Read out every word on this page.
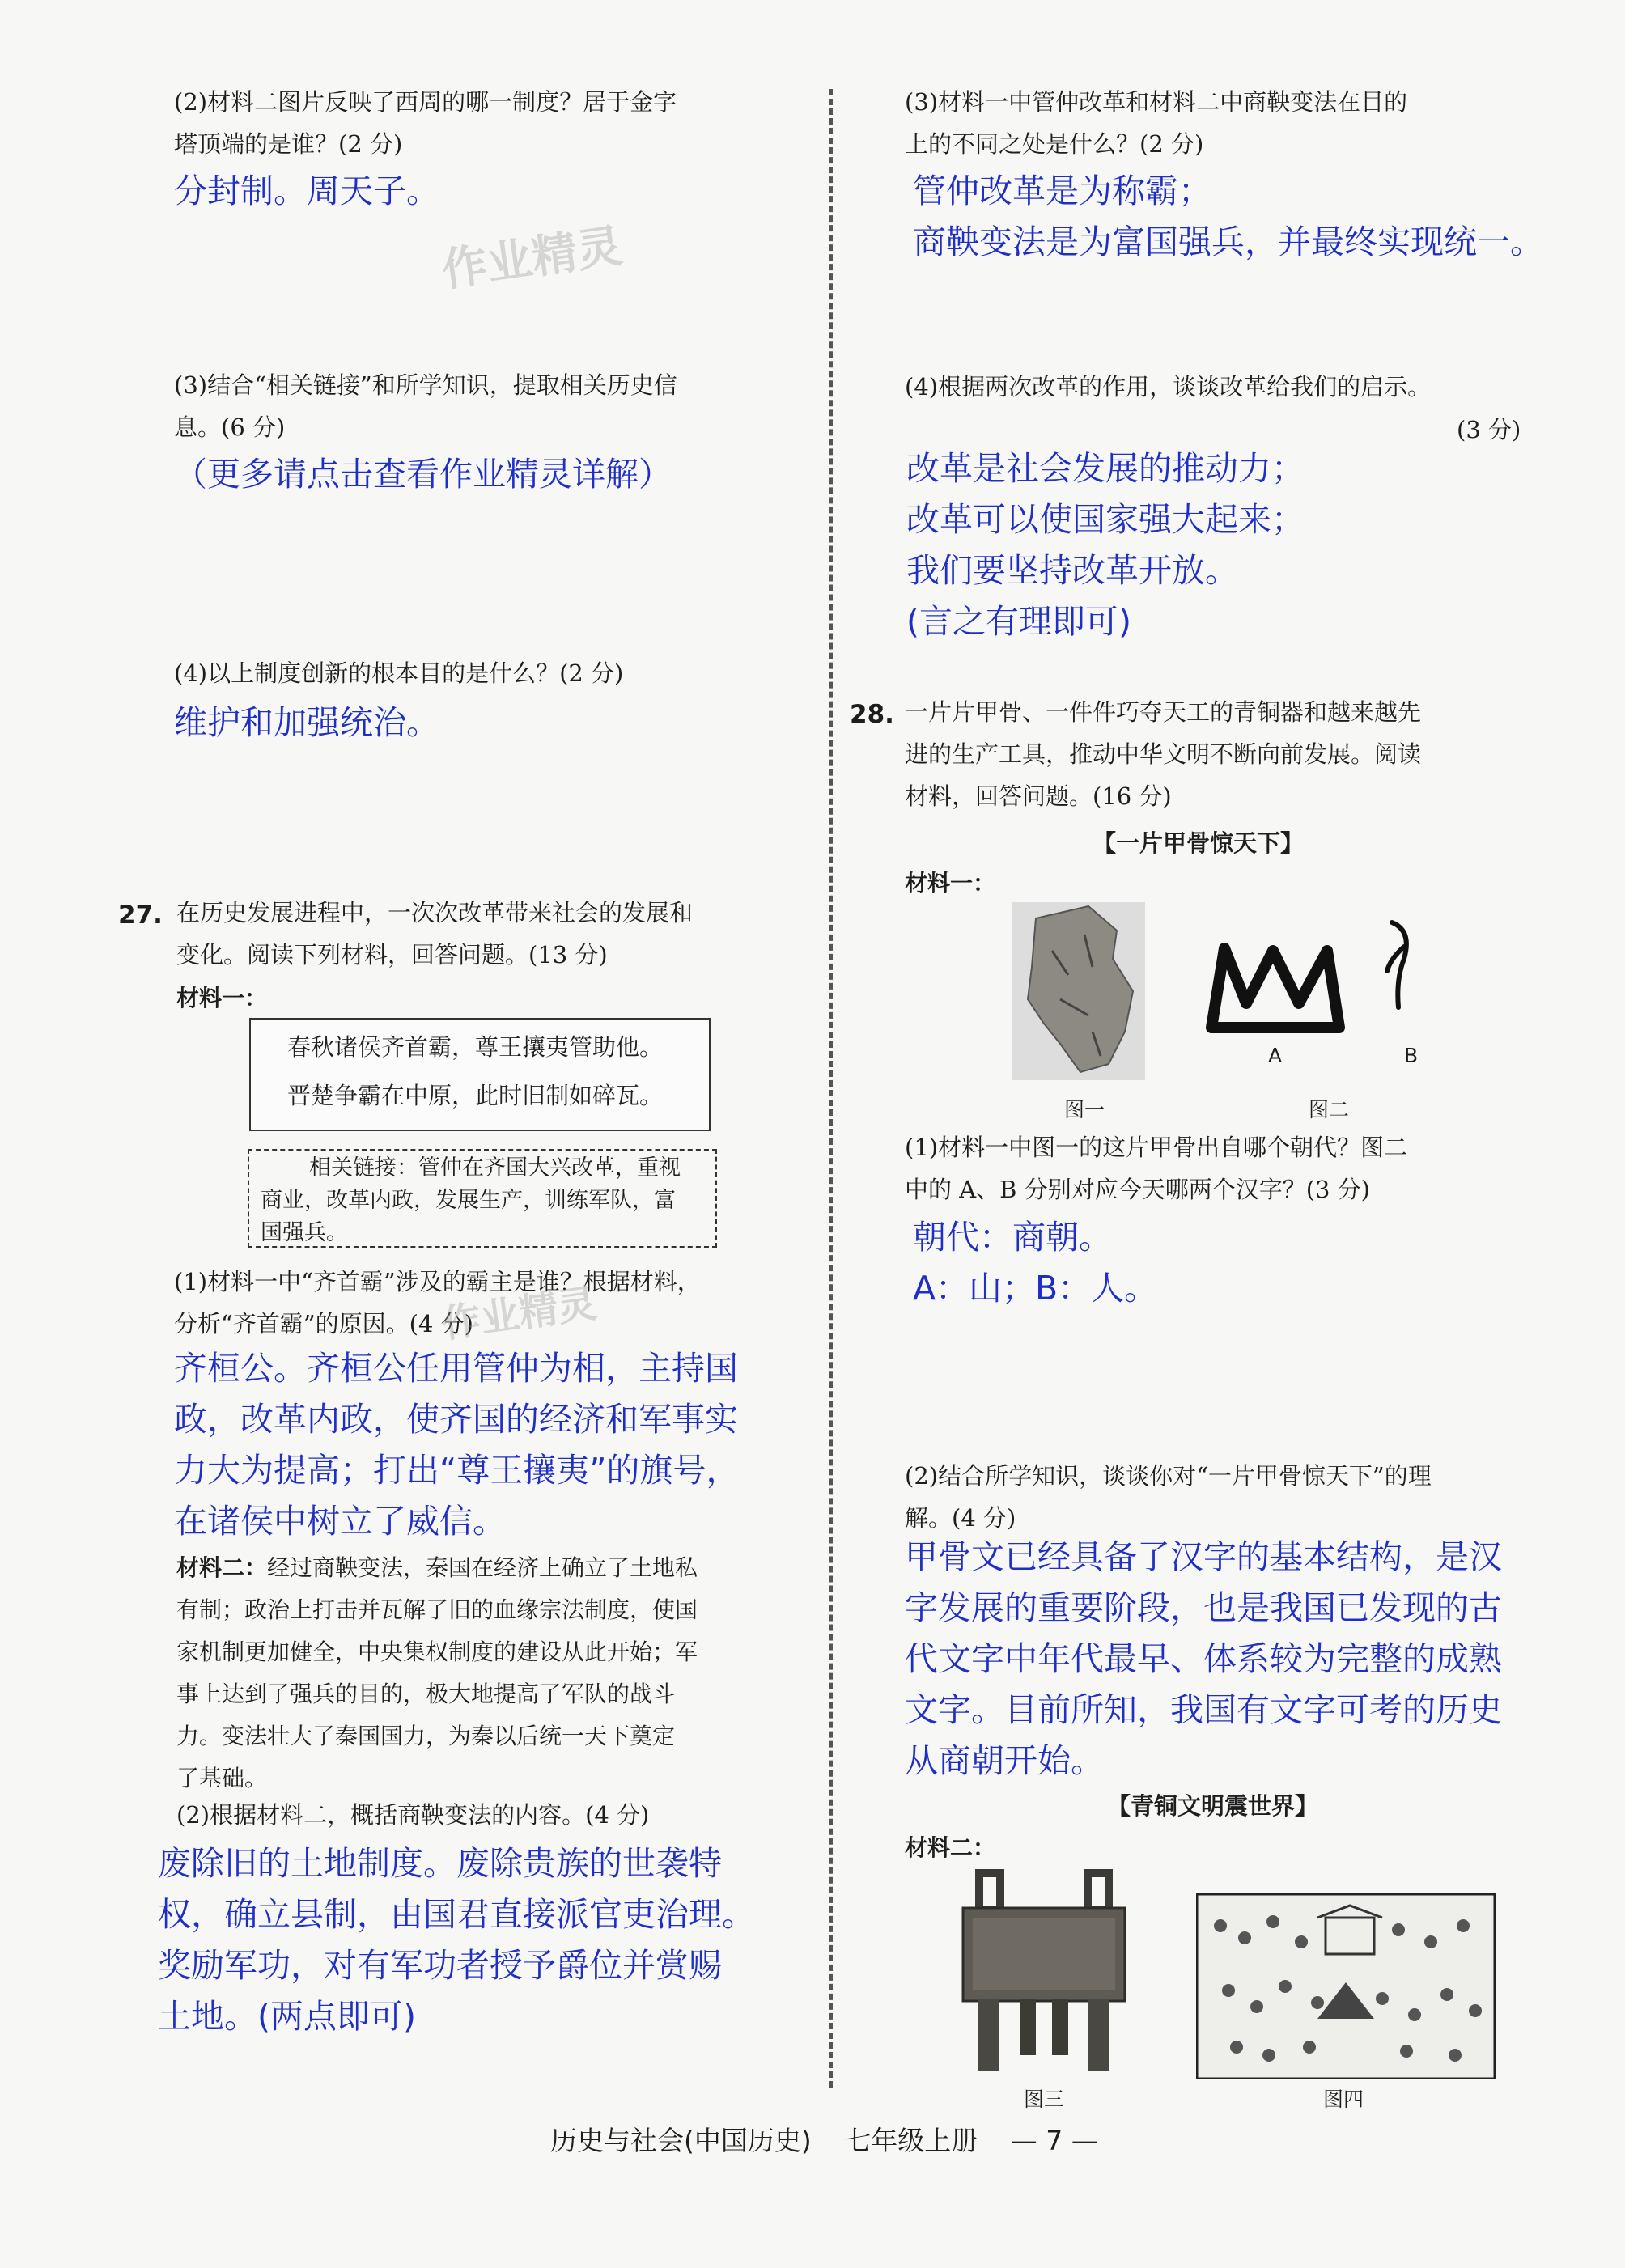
(2)材料二图片反映了西周的哪一制度？居于金字
塔顶端的是谁？(2 分)
分封制。周天子。
作业精灵
(3)结合“相关链接”和所学知识，提取相关历史信
息。(6 分)
（更多请点击查看作业精灵详解）
(4)以上制度创新的根本目的是什么？(2 分)
维护和加强统治。
27. 在历史发展进程中，一次次改革带来社会的发展和
变化。阅读下列材料，回答问题。(13 分)
材料一：
春秋诸侯齐首霸，尊王攘夷管助他。
晋楚争霸在中原，此时旧制如碎瓦。
相关链接：管仲在齐国大兴改革，重视
商业，改革内政，发展生产，训练军队，富
国强兵。
(1)材料一中“齐首霸”涉及的霸主是谁？根据材料，
分析“齐首霸”的原因。(4 分)
作业精灵
齐桓公。齐桓公任用管仲为相，主持国
政，改革内政，使齐国的经济和军事实
力大为提高；打出“尊王攘夷”的旗号，
在诸侯中树立了威信。
材料二：经过商鞅变法，秦国在经济上确立了土地私
有制；政治上打击并瓦解了旧的血缘宗法制度，使国
家机制更加健全，中央集权制度的建设从此开始；军
事上达到了强兵的目的，极大地提高了军队的战斗
力。变法壮大了秦国国力，为秦以后统一天下奠定
了基础。
(2)根据材料二，概括商鞅变法的内容。(4 分)
废除旧的土地制度。废除贵族的世袭特
权，确立县制，由国君直接派官吏治理。
奖励军功，对有军功者授予爵位并赏赐
土地。(两点即可)
(3)材料一中管仲改革和材料二中商鞅变法在目的
上的不同之处是什么？(2 分)
管仲改革是为称霸；
商鞅变法是为富国强兵，并最终实现统一。
(4)根据两次改革的作用，谈谈改革给我们的启示。
(3 分)
改革是社会发展的推动力；
改革可以使国家强大起来；
我们要坚持改革开放。
(言之有理即可)
28. 一片片甲骨、一件件巧夺天工的青铜器和越来越先
进的生产工具，推动中华文明不断向前发展。阅读
材料，回答问题。(16 分)
【一片甲骨惊天下】
材料一：
A	B
图一	图二
(1)材料一中图一的这片甲骨出自哪个朝代？图二
中的 A、B 分别对应今天哪两个汉字？(3 分)
朝代：商朝。
A：山；B：人。
(2)结合所学知识，谈谈你对“一片甲骨惊天下”的理
解。(4 分)
甲骨文已经具备了汉字的基本结构，是汉
字发展的重要阶段，也是我国已发现的古
代文字中年代最早、体系较为完整的成熟
文字。目前所知，我国有文字可考的历史
从商朝开始。
【青铜文明震世界】
材料二：
图三	图四
历史与社会(中国历史) 七年级上册 — 7 —
